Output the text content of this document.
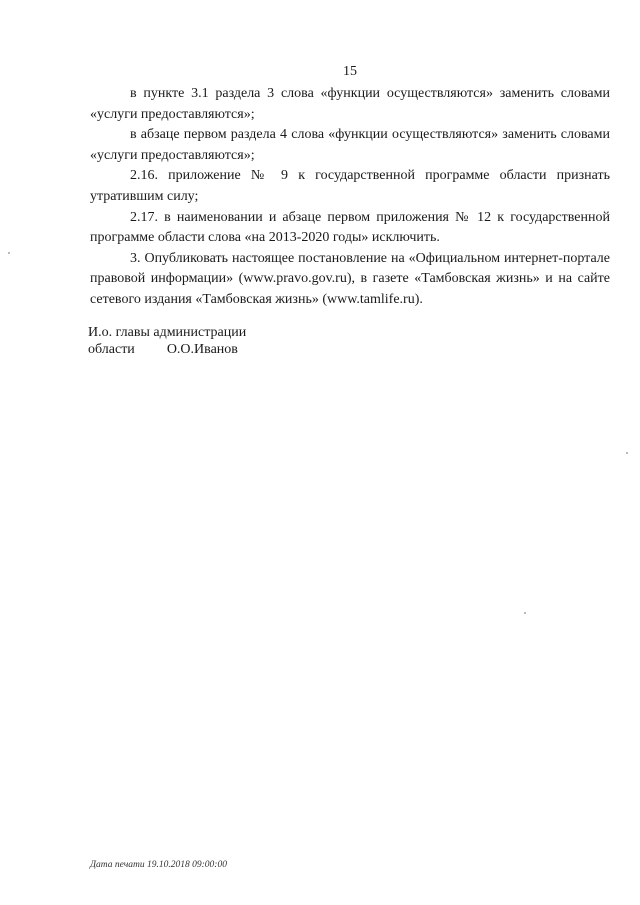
15

в пункте 3.1 раздела 3 слова «функции осуществляются» заменить словами «услуги предоставляются»;

в абзаце первом раздела 4 слова «функции осуществляются» заменить словами «услуги предоставляются»;

2.16. приложение № 9 к государственной программе области признать утратившим силу;

2.17. в наименовании и абзаце первом приложения № 12 к государственной программе области слова «на 2013-2020 годы» исключить.

3. Опубликовать настоящее постановление на «Официальном интернет-портале правовой информации» (www.pravo.gov.ru), в газете «Тамбовская жизнь» и на сайте сетевого издания «Тамбовская жизнь» (www.tamlife.ru).

И.о. главы администрации
области О.О.Иванов
Дата печати 19.10.2018 09:00:00
